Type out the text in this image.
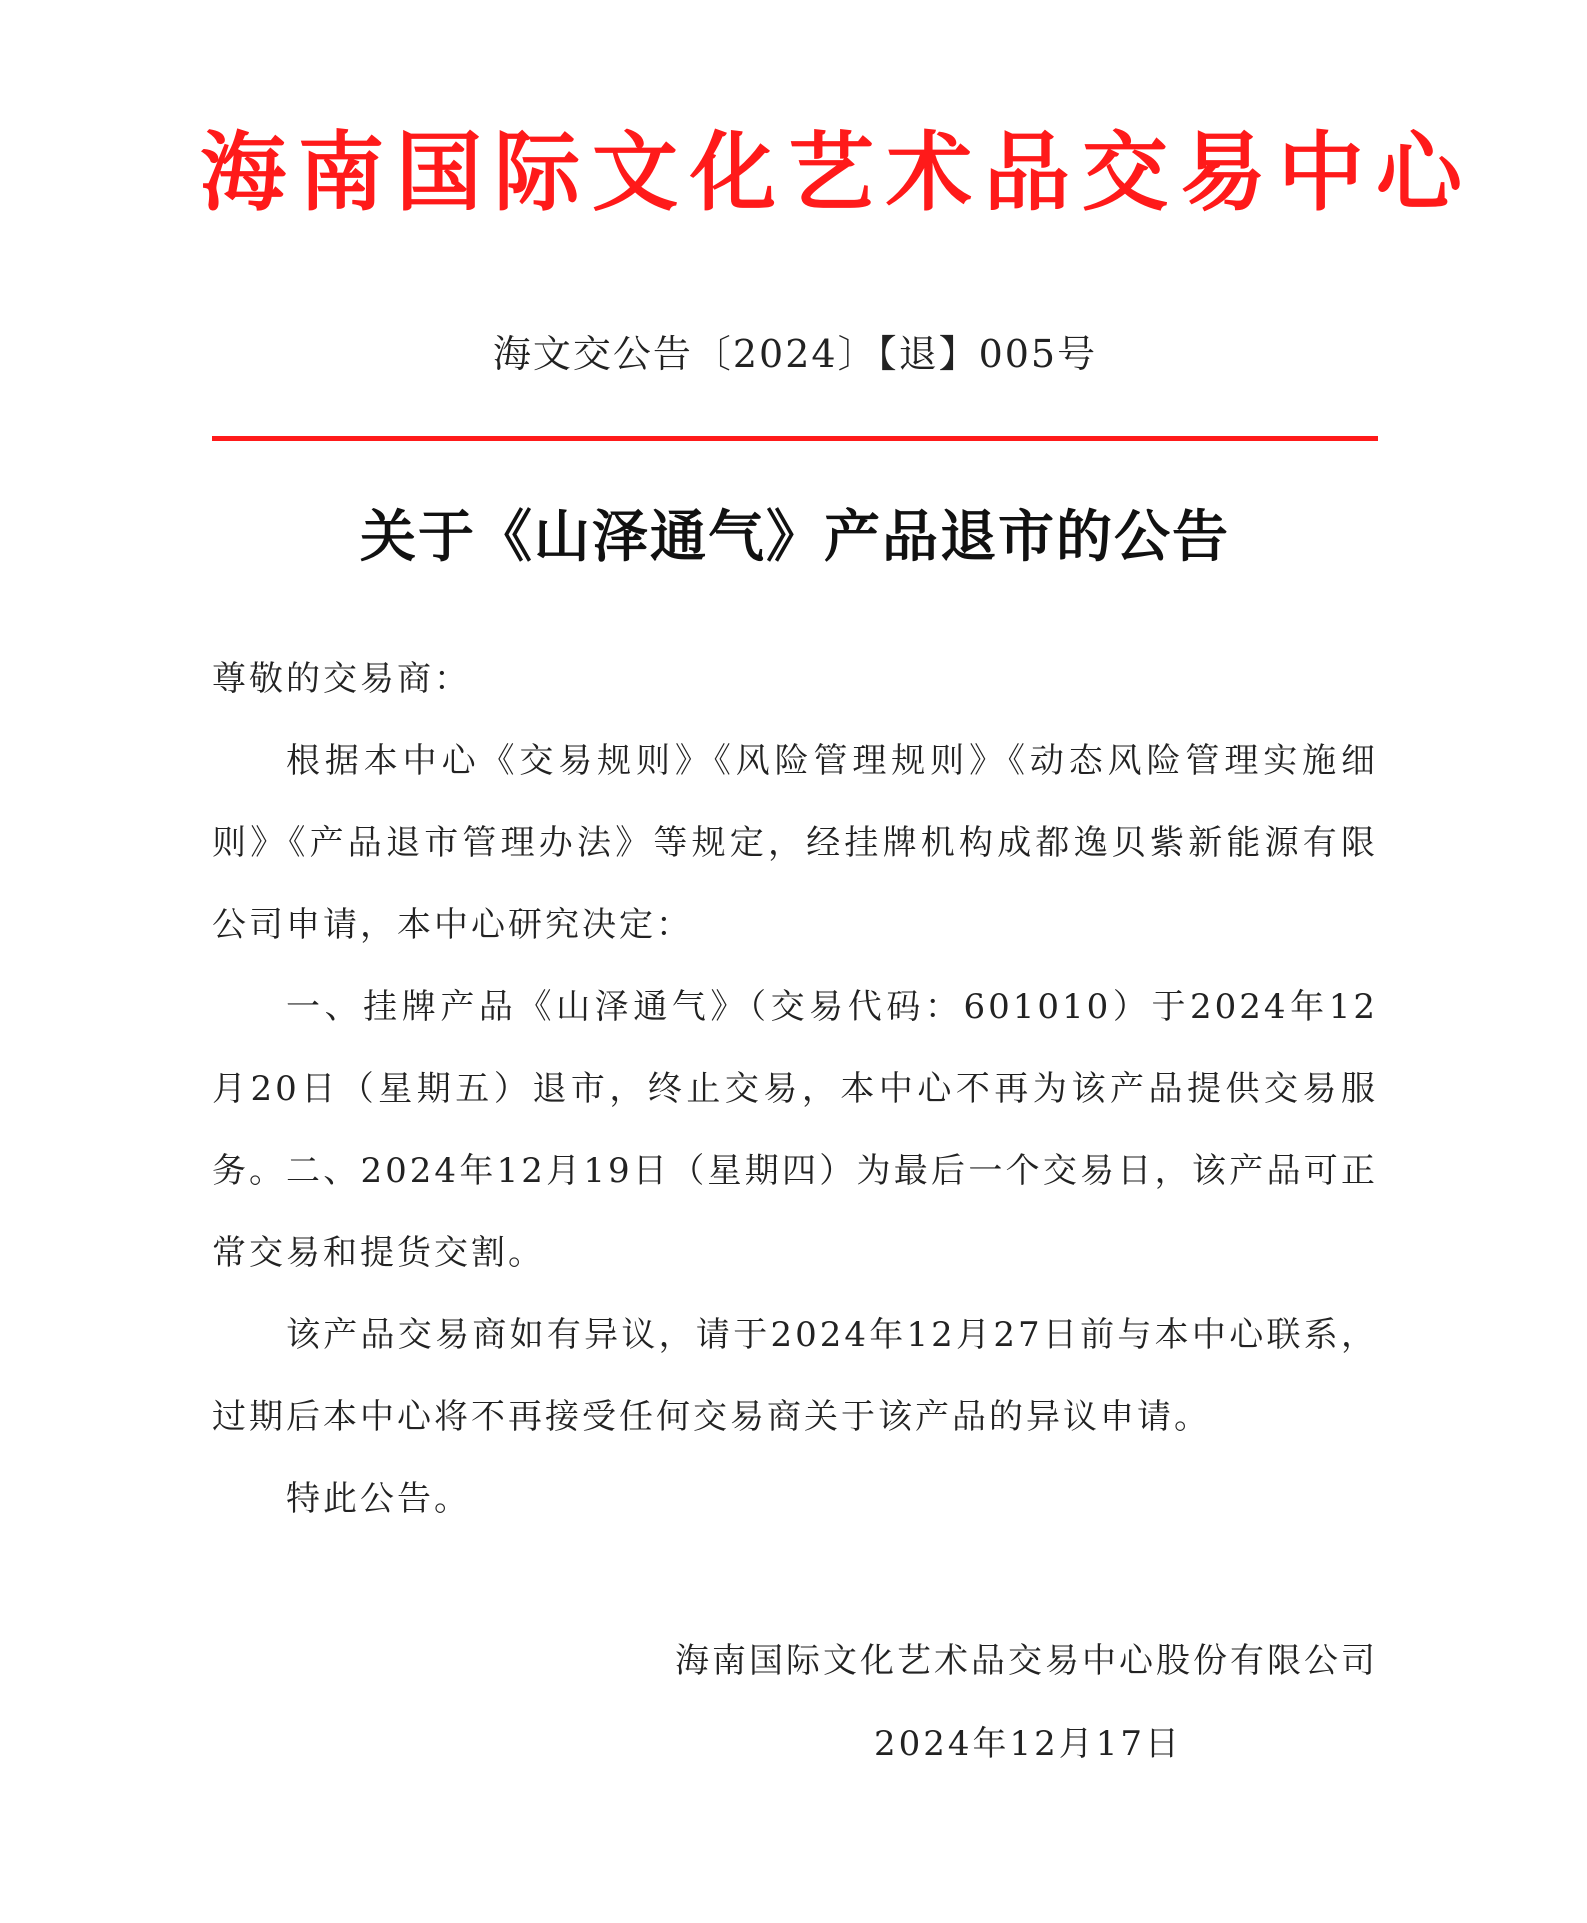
海南国际文化艺术品交易中心
海文交公告〔2024〕【退】005号
关于《山泽通气》产品退市的公告
尊敬的交易商：
根据本中心《交易规则》《风险管理规则》《动态风险管理实施细则》《产品退市管理办法》等规定，经挂牌机构成都逸贝紫新能源有限公司申请，本中心研究决定：
一、挂牌产品《山泽通气》（交易代码：601010）于2024年12月20日（星期五）退市，终止交易，本中心不再为该产品提供交易服务。 二、2024年12月19日（星期四）为最后一个交易日，该产品可正常交易和提货交割。
该产品交易商如有异议，请于2024年12月27日前与本中心联系，过期后本中心将不再接受任何交易商关于该产品的异议申请。
特此公告。
海南国际文化艺术品交易中心股份有限公司
2024年12月17日
